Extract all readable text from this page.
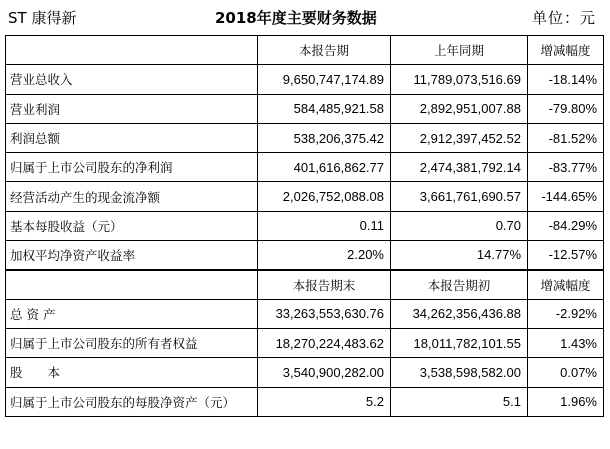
ST 康得新	2018年度主要财务数据	单位：元
	本报告期	上年同期	增减幅度
营业总收入	9,650,747,174.89	11,789,073,516.69	-18.14%
营业利润	584,485,921.58	2,892,951,007.88	-79.80%
利润总额	538,206,375.42	2,912,397,452.52	-81.52%
归属于上市公司股东的净利润	401,616,862.77	2,474,381,792.14	-83.77%
经营活动产生的现金流净额	2,026,752,088.08	3,661,761,690.57	-144.65%
基本每股收益（元）	0.11	0.70	-84.29%
加权平均净资产收益率	2.20%	14.77%	-12.57%
	本报告期末	本报告期初	增减幅度
总 资 产	33,263,553,630.76	34,262,356,436.88	-2.92%
归属于上市公司股东的所有者权益	18,270,224,483.62	18,011,782,101.55	1.43%
股　　本	3,540,900,282.00	3,538,598,582.00	0.07%
归属于上市公司股东的每股净资产（元）	5.2	5.1	1.96%
